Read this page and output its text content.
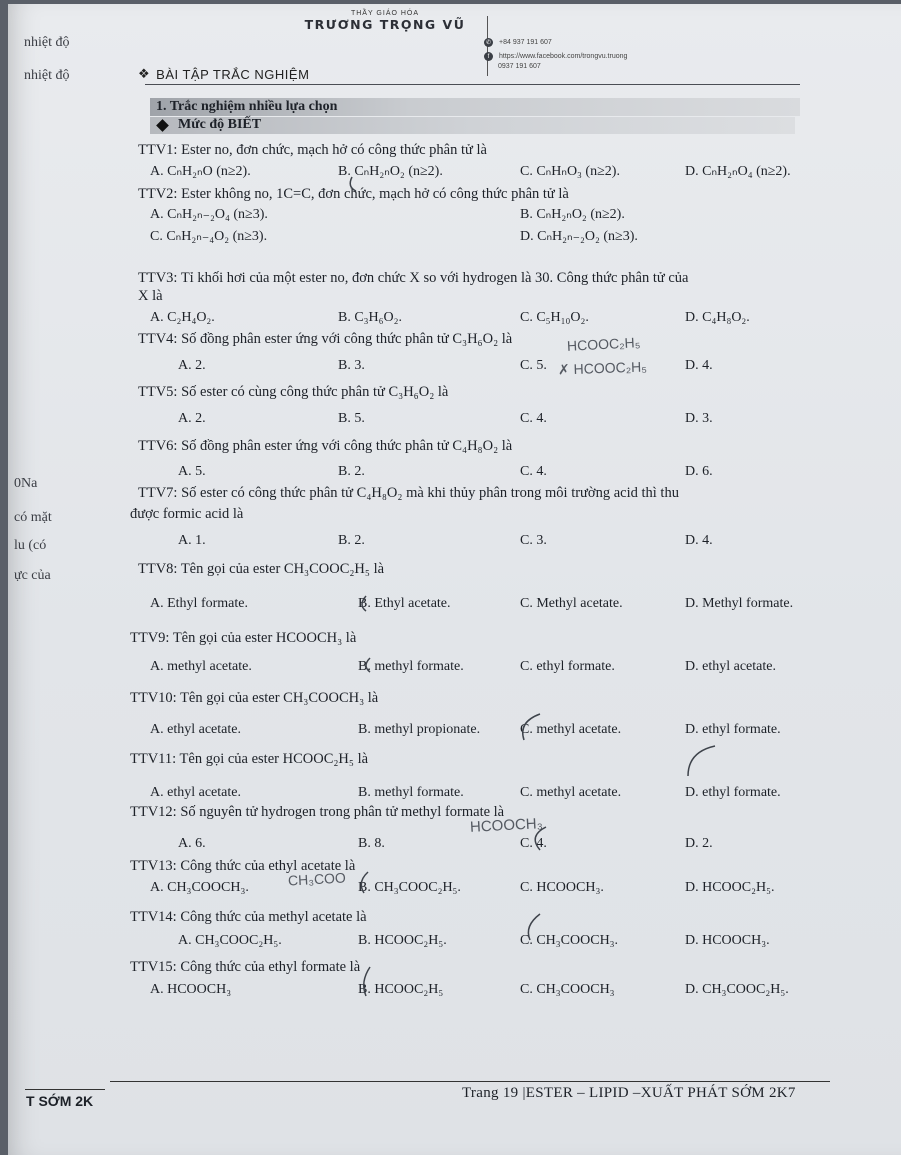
nhiệt độ
nhiệt độ
0Na
có mặt
lu (có
ực của
THẦY GIÁO HÓA
TRƯƠNG TRỌNG VŨ
✆ +84 937 191 607
f	https://www.facebook.com/trongvu.truong
0937 191 607
❖ BÀI TẬP TRẮC NGHIỆM
1. Trắc nghiệm nhiều lựa chọn
Mức độ BIẾT
TTV1: Ester no, đơn chức, mạch hở có công thức phân tử là
A. CₙH₂ₙO (n≥2).	B. CₙH₂ₙO₂ (n≥2).	C. CₙHₙO₃ (n≥2).	D. CₙH₂ₙO₄ (n≥2).
TTV2: Ester không no, 1C=C, đơn chức, mạch hở có công thức phân tử là
A. CₙH₂ₙ₋₂O₄ (n≥3).	B. CₙH₂ₙO₂ (n≥2).
C. CₙH₂ₙ₋₄O₂ (n≥3).	D. CₙH₂ₙ₋₂O₂ (n≥3).
TTV3: Tỉ khối hơi của một ester no, đơn chức X so với hydrogen là 30. Công thức phân tử của
X là
A. C₂H₄O₂.	B. C₃H₆O₂.	C. C₅H₁₀O₂.	D. C₄H₈O₂.
TTV4: Số đồng phân ester ứng với công thức phân tử C₃H₆O₂ là
A. 2.	B. 3.	C. 5.	D. 4.
TTV5: Số ester có cùng công thức phân tử C₃H₆O₂ là
A. 2.	B. 5.	C. 4.	D. 3.
TTV6: Số đồng phân ester ứng với công thức phân tử C₄H₈O₂ là
A. 5.	B. 2.	C. 4.	D. 6.
TTV7: Số ester có công thức phân tử C₄H₈O₂ mà khi thủy phân trong môi trường acid thì thu
được formic acid là
A. 1.	B. 2.	C. 3.	D. 4.
TTV8: Tên gọi của ester CH₃COOC₂H₅ là
A. Ethyl formate.	B. Ethyl acetate.	C. Methyl acetate.	D. Methyl formate.
TTV9: Tên gọi của ester HCOOCH₃ là
A. methyl acetate.	B. methyl formate.	C. ethyl formate.	D. ethyl acetate.
TTV10: Tên gọi của ester CH₃COOCH₃ là
A. ethyl acetate.	B. methyl propionate.	C. methyl acetate.	D. ethyl formate.
TTV11: Tên gọi của ester HCOOC₂H₅ là
A. ethyl acetate.	B. methyl formate.	C. methyl acetate.	D. ethyl formate.
TTV12: Số nguyên tử hydrogen trong phân tử methyl formate là
A. 6.	B. 8.	C. 4.	D. 2.
TTV13: Công thức của ethyl acetate là
A. CH₃COOCH₃.	B. CH₃COOC₂H₅.	C. HCOOCH₃.	D. HCOOC₂H₅.
TTV14: Công thức của methyl acetate là
A. CH₃COOC₂H₅.	B. HCOOC₂H₅.	C. CH₃COOCH₃.	D. HCOOCH₃.
TTV15: Công thức của ethyl formate là
A. HCOOCH₃	B. HCOOC₂H₅	C. CH₃COOCH₃	D. CH₃COOC₂H₅.
HCOOC₂H₅
✗ HCOOC₂H₅
HCOOCH₃
CH₃COO
T SỚM 2K	Trang 19 |ESTER – LIPID –XUẤT PHÁT SỚM 2K7
